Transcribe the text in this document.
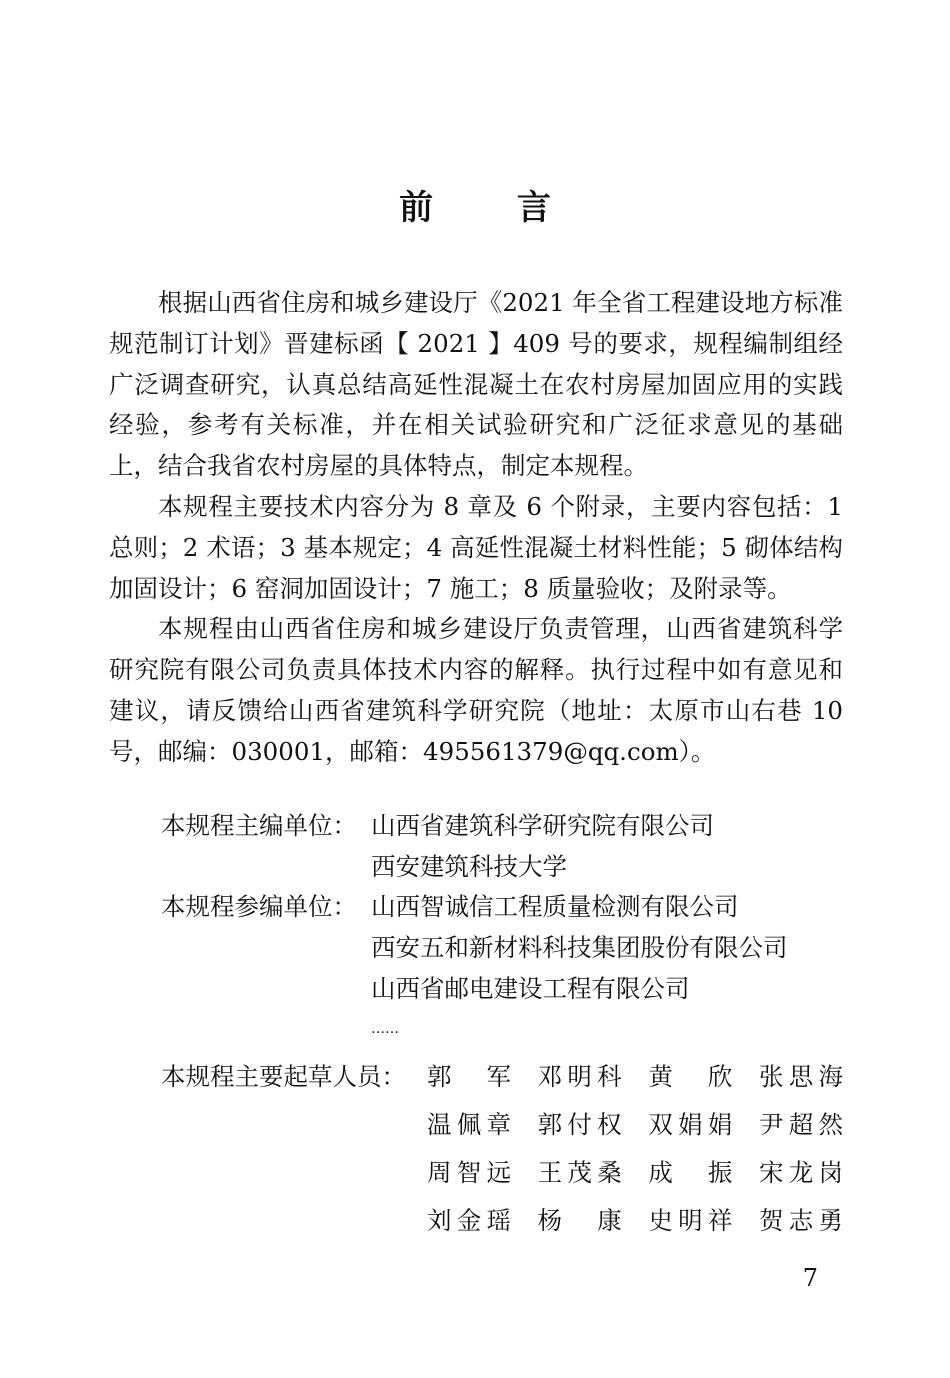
前 言

根据山西省住房和城乡建设厅《2021 年全省工程建设地方标准规范制订计划》晋建标函【 2021 】409 号的要求，规程编制组经广泛调查研究，认真总结高延性混凝土在农村房屋加固应用的实践经验，参考有关标准，并在相关试验研究和广泛征求意见的基础上，结合我省农村房屋的具体特点，制定本规程。

本规程主要技术内容分为 8 章及 6 个附录，主要内容包括：1 总则；2 术语；3 基本规定；4 高延性混凝土材料性能；5 砌体结构加固设计；6 窑洞加固设计；7 施工；8 质量验收；及附录等。

本规程由山西省住房和城乡建设厅负责管理，山西省建筑科学研究院有限公司负责具体技术内容的解释。执行过程中如有意见和建议，请反馈给山西省建筑科学研究院（地址：太原市山右巷 10 号，邮编：030001，邮箱：495561379@qq.com）。

本规程主编单位： 山西省建筑科学研究院有限公司
西安建筑科技大学
本规程参编单位： 山西智诚信工程质量检测有限公司
西安五和新材料科技集团股份有限公司
山西省邮电建设工程有限公司
……
本规程主要起草人员： 郭 军 邓 明 科 黄 欣 张 思 海
温 佩 章 郭 付 权 双 娟 娟 尹 超 然
周 智 远 王 茂 桑 成 振 宋 龙 岗
刘 金 瑶 杨 康 史 明 祥 贺 志 勇
7
